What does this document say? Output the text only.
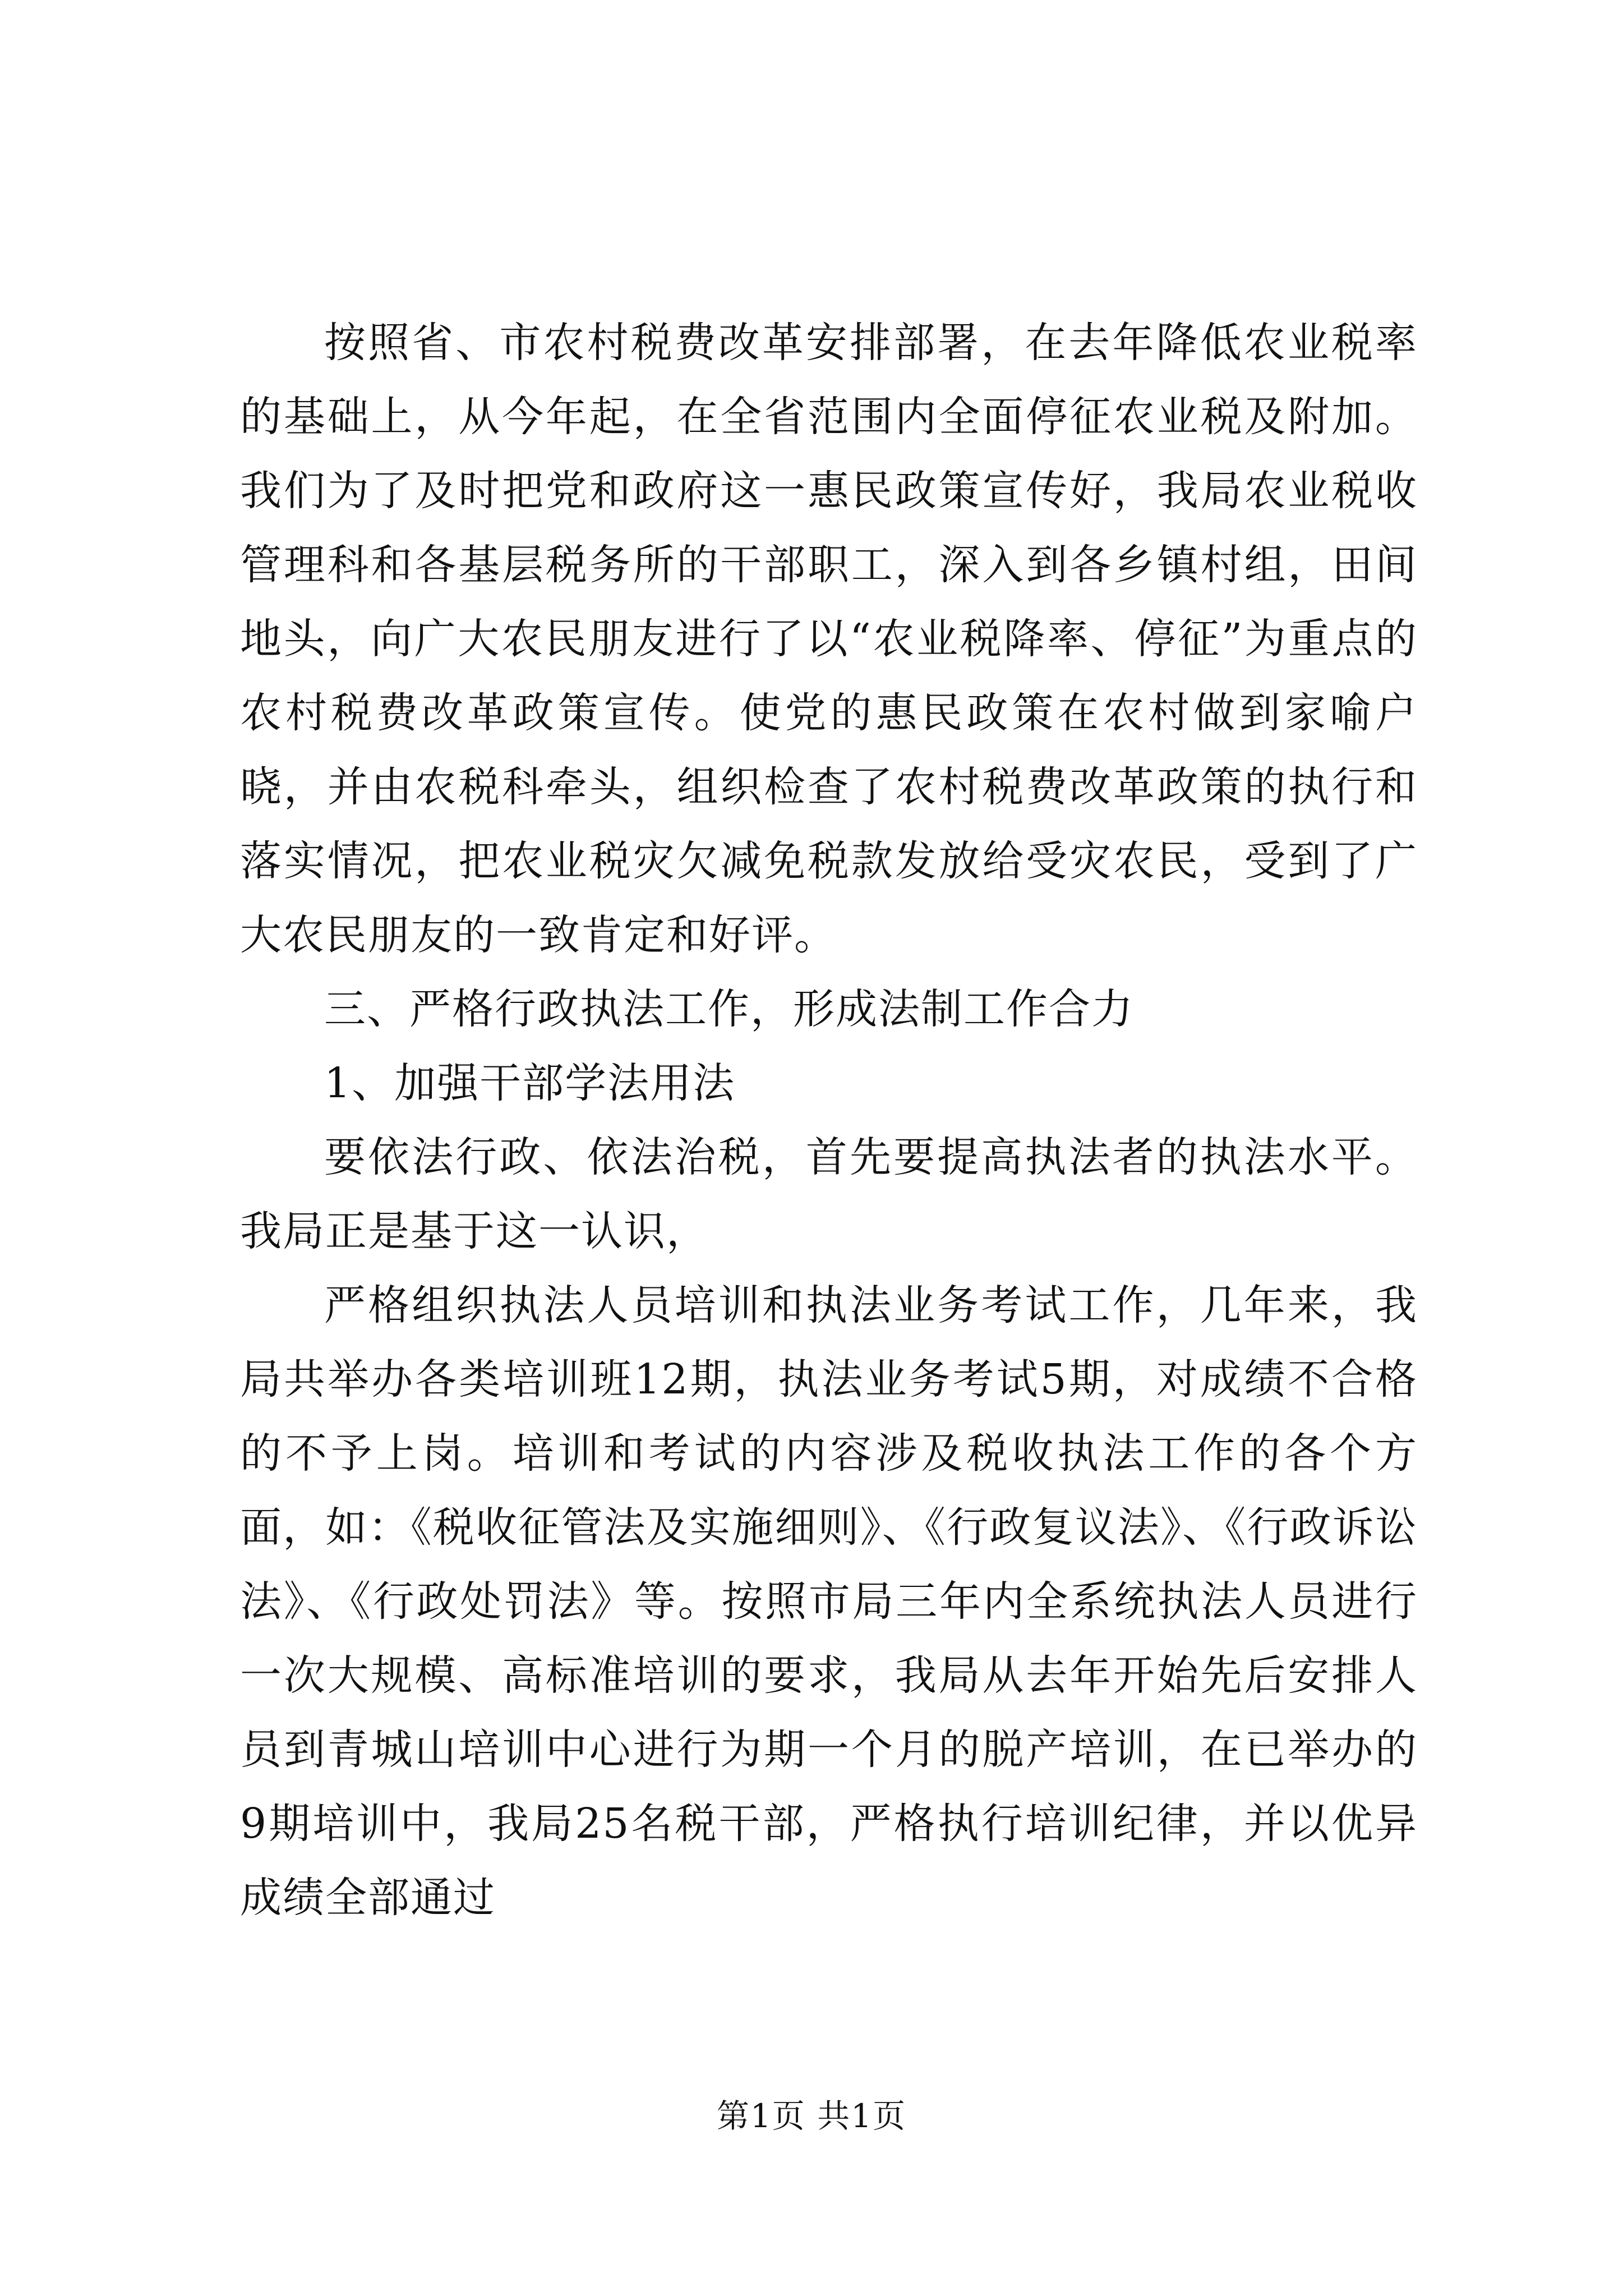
按照省、市农村税费改革安排部署，在去年降低农业税率的基础上，从今年起，在全省范围内全面停征农业税及附加。我们为了及时把党和政府这一惠民政策宣传好，我局农业税收管理科和各基层税务所的干部职工，深入到各乡镇村组，田间地头，向广大农民朋友进行了以“农业税降率、停征”为重点的农村税费改革政策宣传。使党的惠民政策在农村做到家喻户晓，并由农税科牵头，组织检查了农村税费改革政策的执行和落实情况，把农业税灾欠减免税款发放给受灾农民，受到了广大农民朋友的一致肯定和好评。

三、严格行政执法工作，形成法制工作合力

1、加强干部学法用法

要依法行政、依法治税，首先要提高执法者的执法水平。我局正是基于这一认识，

严格组织执法人员培训和执法业务考试工作，几年来，我局共举办各类培训班12期，执法业务考试5期，对成绩不合格的不予上岗。培训和考试的内容涉及税收执法工作的各个方面，如：《税收征管法及实施细则》、《行政复议法》、《行政诉讼法》、《行政处罚法》等。按照市局三年内全系统执法人员进行一次大规模、高标准培训的要求，我局从去年开始先后安排人员到青城山培训中心进行为期一个月的脱产培训，在已举办的9期培训中，我局25名税干部，严格执行培训纪律，并以优异成绩全部通过

第1页 共1页
